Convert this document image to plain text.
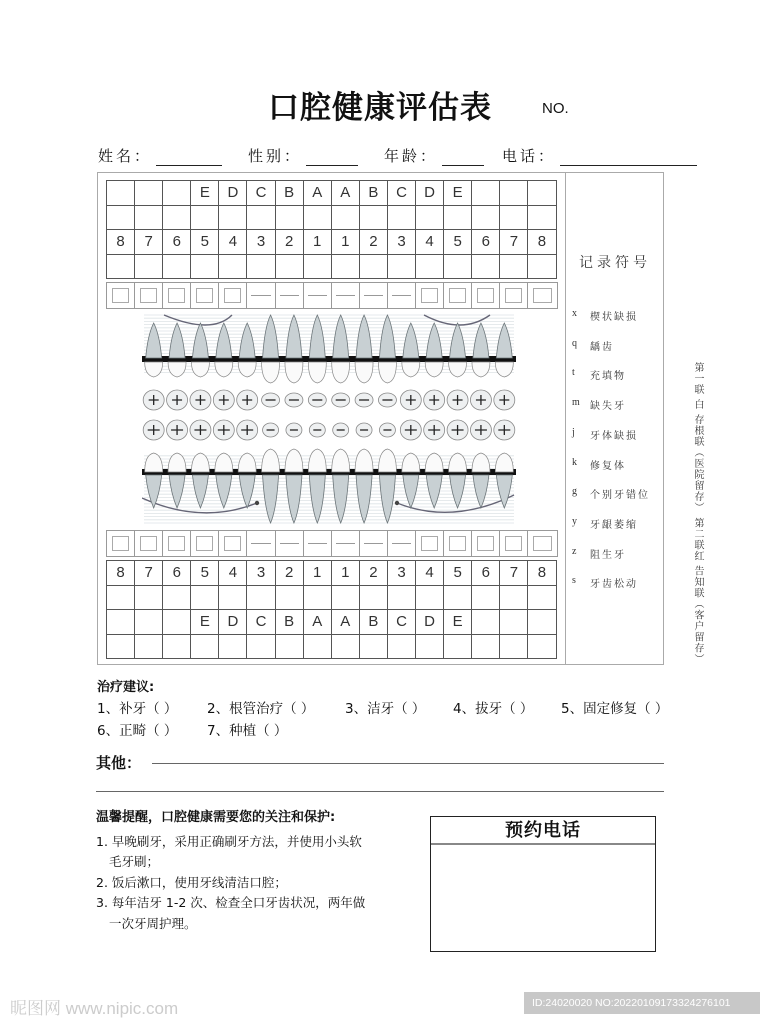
口腔健康评估表	NO.
姓名：	性别：	年龄：	电话：
			E	D	C	B	A	A	B	C	D	E			

8	7	6	5	4	3	2	1	1	2	3	4	5	6	7	8

8	7	6	5	4	3	2	1	1	2	3	4	5	6	7	8

			E	D	C	B	A	A	B	C	D	E			

记录符号
x	楔状缺损
q	龋齿
t	充填物
m 缺失牙
j	牙体缺损
k	修复体
g	个别牙错位
y	牙龈萎缩
z	阻生牙
s	牙齿松动	第一联 白 存根联（医院留存） 第二联红 告知联（客户留存）
治疗建议:
1、补牙（ ）	2、根管治疗（ ）	3、洁牙（ ）	4、拔牙（ ）	5、固定修复（ ）
6、正畸（ ）	7、种植（ ）
其他：
温馨提醒，口腔健康需要您的关注和保护:
1. 早晚刷牙，采用正确刷牙方法，并使用小头软
毛牙刷；
2. 饭后漱口，使用牙线清洁口腔；
3. 每年洁牙 1-2 次、检查全口牙齿状况，两年做
一次牙周护理。
预约电话
昵图网 www.nipic.com	ID:24020020 NO:20220109173324276101
